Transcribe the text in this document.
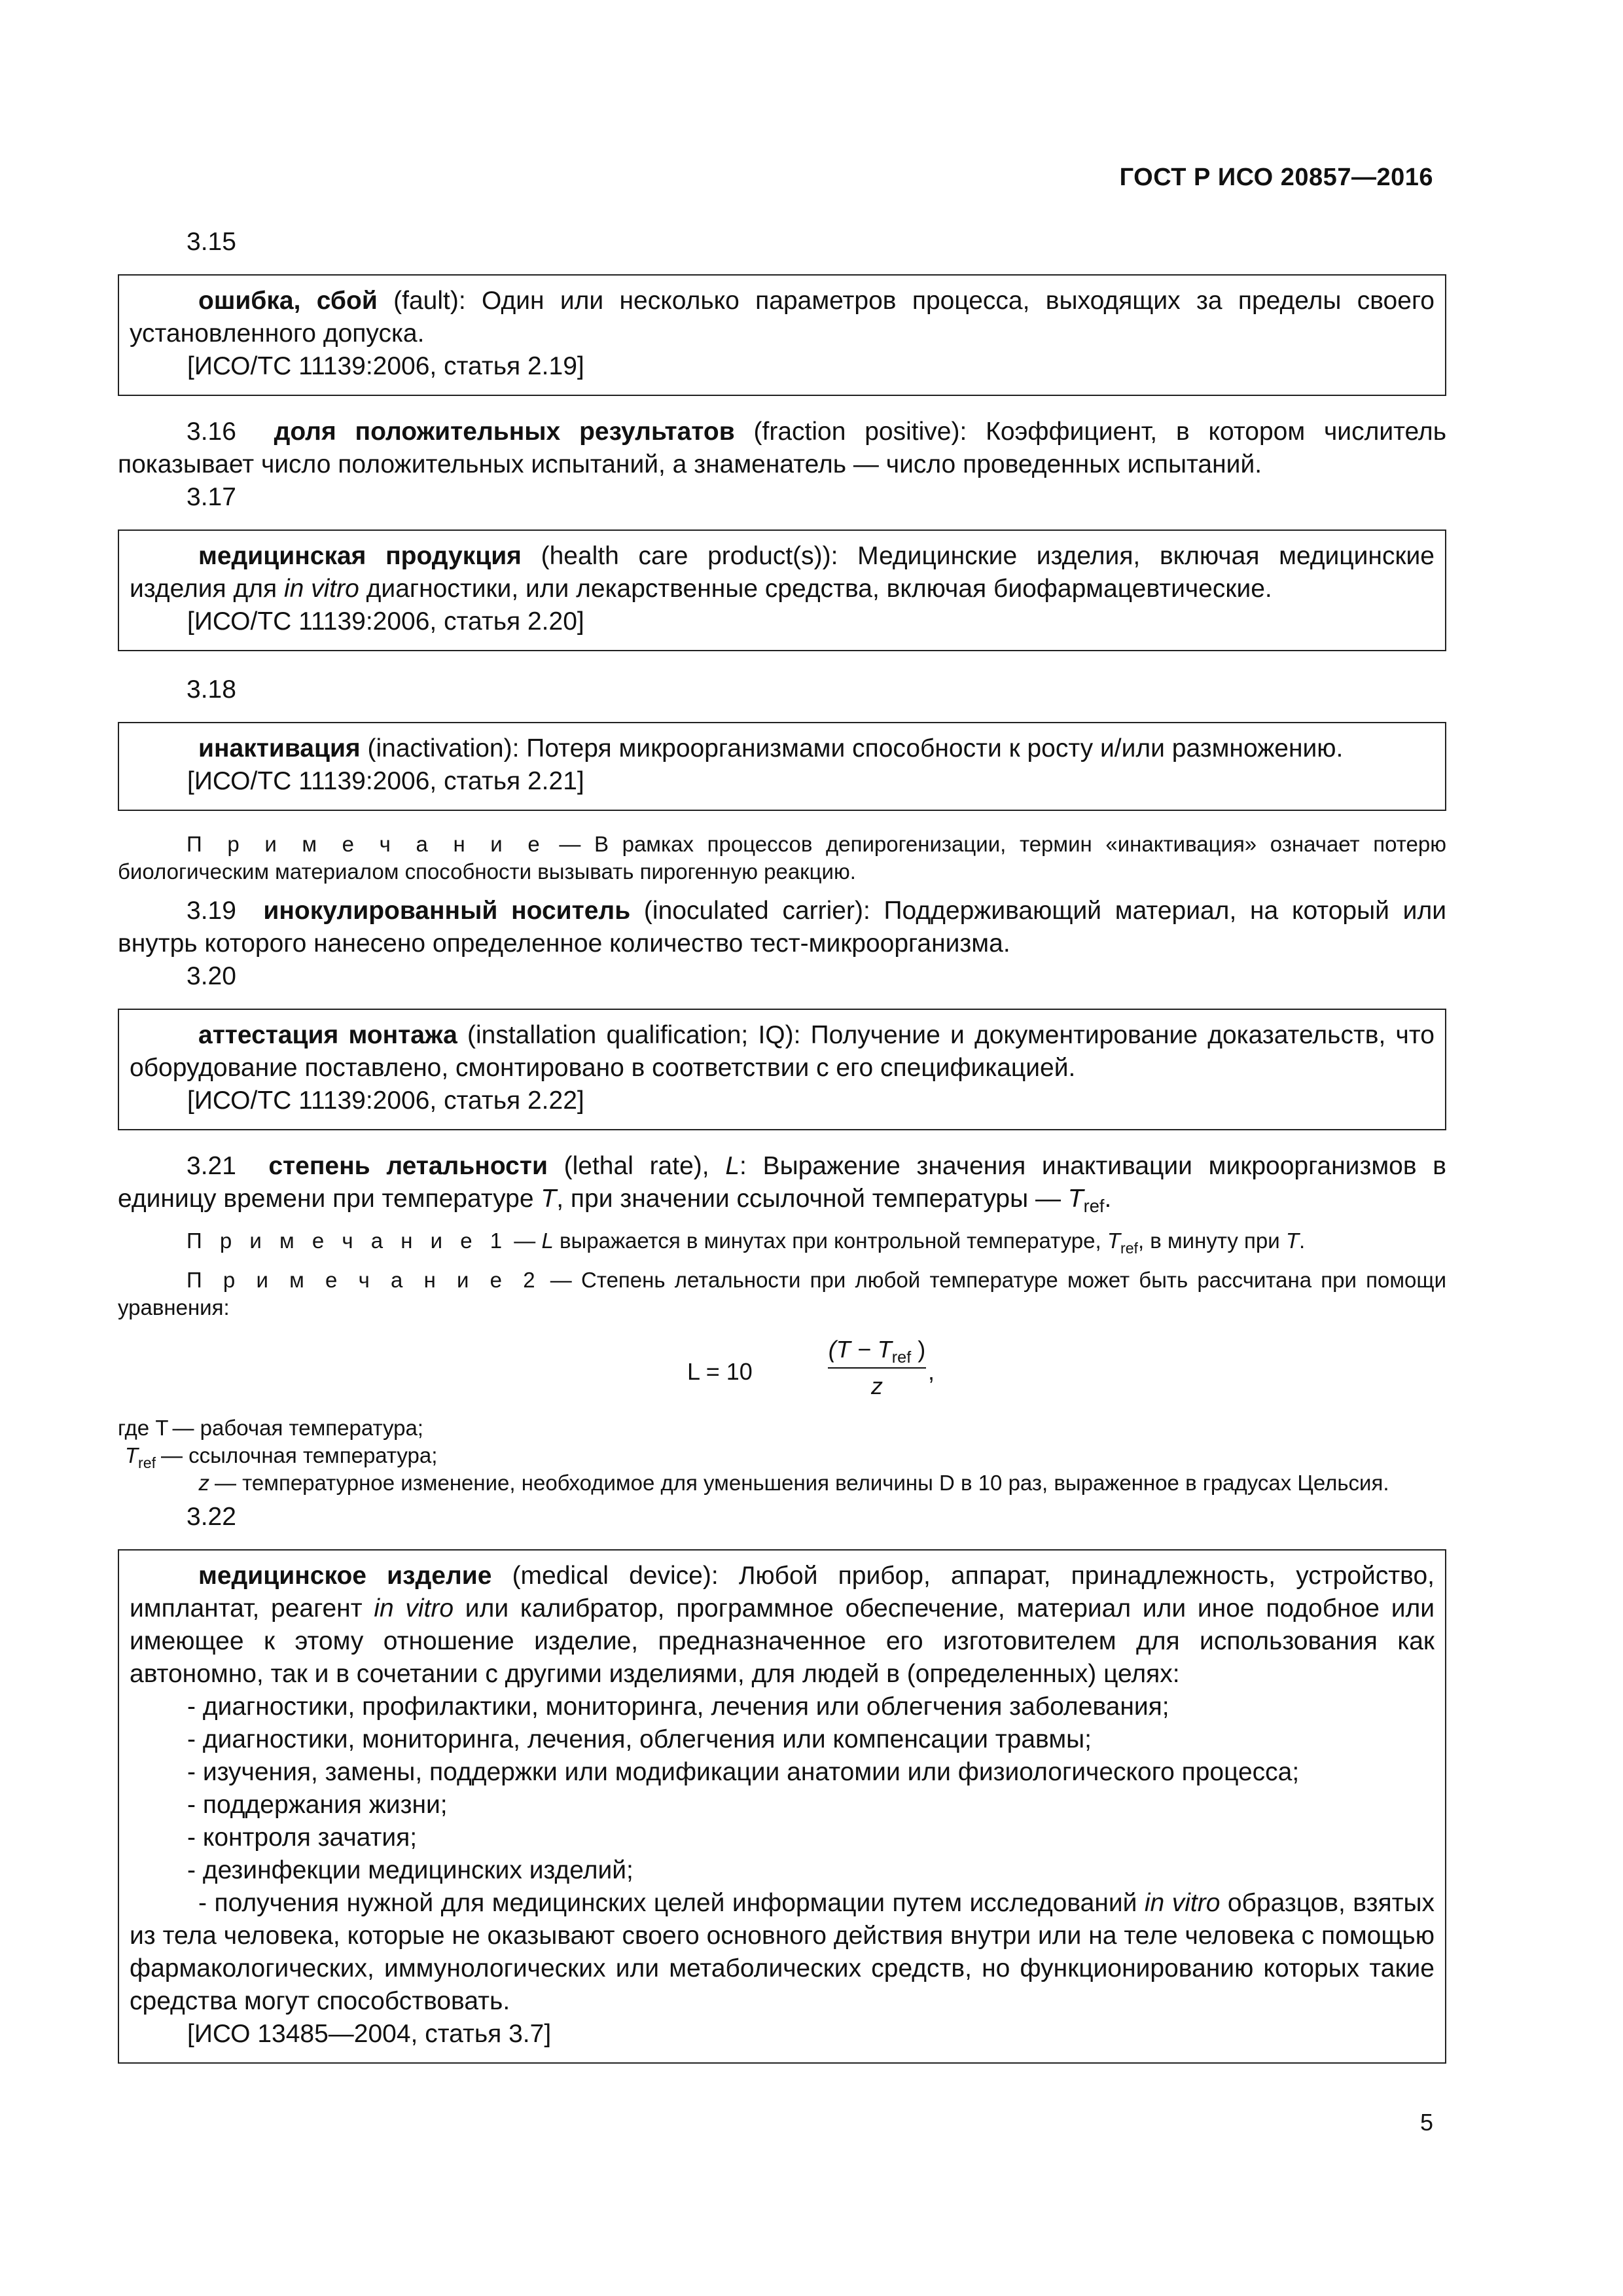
ГОСТ Р ИСО 20857—2016
3.15

ошибка, сбой (fault): Один или несколько параметров процесса, выходящих за пределы своего установленного допуска.

[ИСО/ТС 11139:2006, статья 2.19]

3.16 доля положительных результатов (fraction positive): Коэффициент, в котором числитель показывает число положительных испытаний, а знаменатель — число проведенных испытаний.

3.17

медицинская продукция (health care product(s)): Медицинские изделия, включая медицинские изделия для in vitro диагностики, или лекарственные средства, включая биофармацевтические.

[ИСО/ТС 11139:2006, статья 2.20]
3.18

инактивация (inactivation): Потеря микроорганизмами способности к росту и/или размножению.

[ИСО/ТС 11139:2006, статья 2.21]

П р и м е ч а н и е — В рамках процессов депирогенизации, термин «инактивация» означает потерю биологическим материалом способности вызывать пирогенную реакцию.

3.19 инокулированный носитель (inoculated carrier): Поддерживающий материал, на который или внутрь которого нанесено определенное количество тест-микроорганизма.

3.20

аттестация монтажа (installation qualification; IQ): Получение и документирование доказательств, что оборудование поставлено, смонтировано в соответствии с его спецификацией.

[ИСО/ТС 11139:2006, статья 2.22]

3.21 степень летальности (lethal rate), L: Выражение значения инактивации микроорганизмов в единицу времени при температуре T, при значении ссылочной температуры — $T_{ref}$.

П р и м е ч а н и е 1 — L выражается в минутах при контрольной температуре, $T_{ref}$, в минуту при T.

П р и м е ч а н и е 2 — Степень летальности при любой температуре может быть рассчитана при помощи уравнения:

L = 10
($T - T_{ref}$ )
z
,
где T — рабочая температура;
$T_{ref}$ — ссылочная температура;
z — температурное изменение, необходимое для уменьшения величины D в 10 раз, выраженное в градусах Цельсия.
3.22

медицинское изделие (medical device): Любой прибор, аппарат, принадлежность, устройство, имплантат, реагент in vitro или калибратор, программное обеспечение, материал или иное подобное или имеющее к этому отношение изделие, предназначенное его изготовителем для использования как автономно, так и в сочетании с другими изделиями, для людей в (определенных) целях:

- диагностики, профилактики, мониторинга, лечения или облегчения заболевания;
- диагностики, мониторинга, лечения, облегчения или компенсации травмы;
- изучения, замены, поддержки или модификации анатомии или физиологического процесса;
- поддержания жизни;
- контроля зачатия;
- дезинфекции медицинских изделий;

- получения нужной для медицинских целей информации путем исследований in vitro образцов, взятых из тела человека, которые не оказывают своего основного действия внутри или на теле человека с помощью фармакологических, иммунологических или метаболических средств, но функционированию которых такие средства могут способствовать.

[ИСО 13485—2004, статья 3.7]
5
